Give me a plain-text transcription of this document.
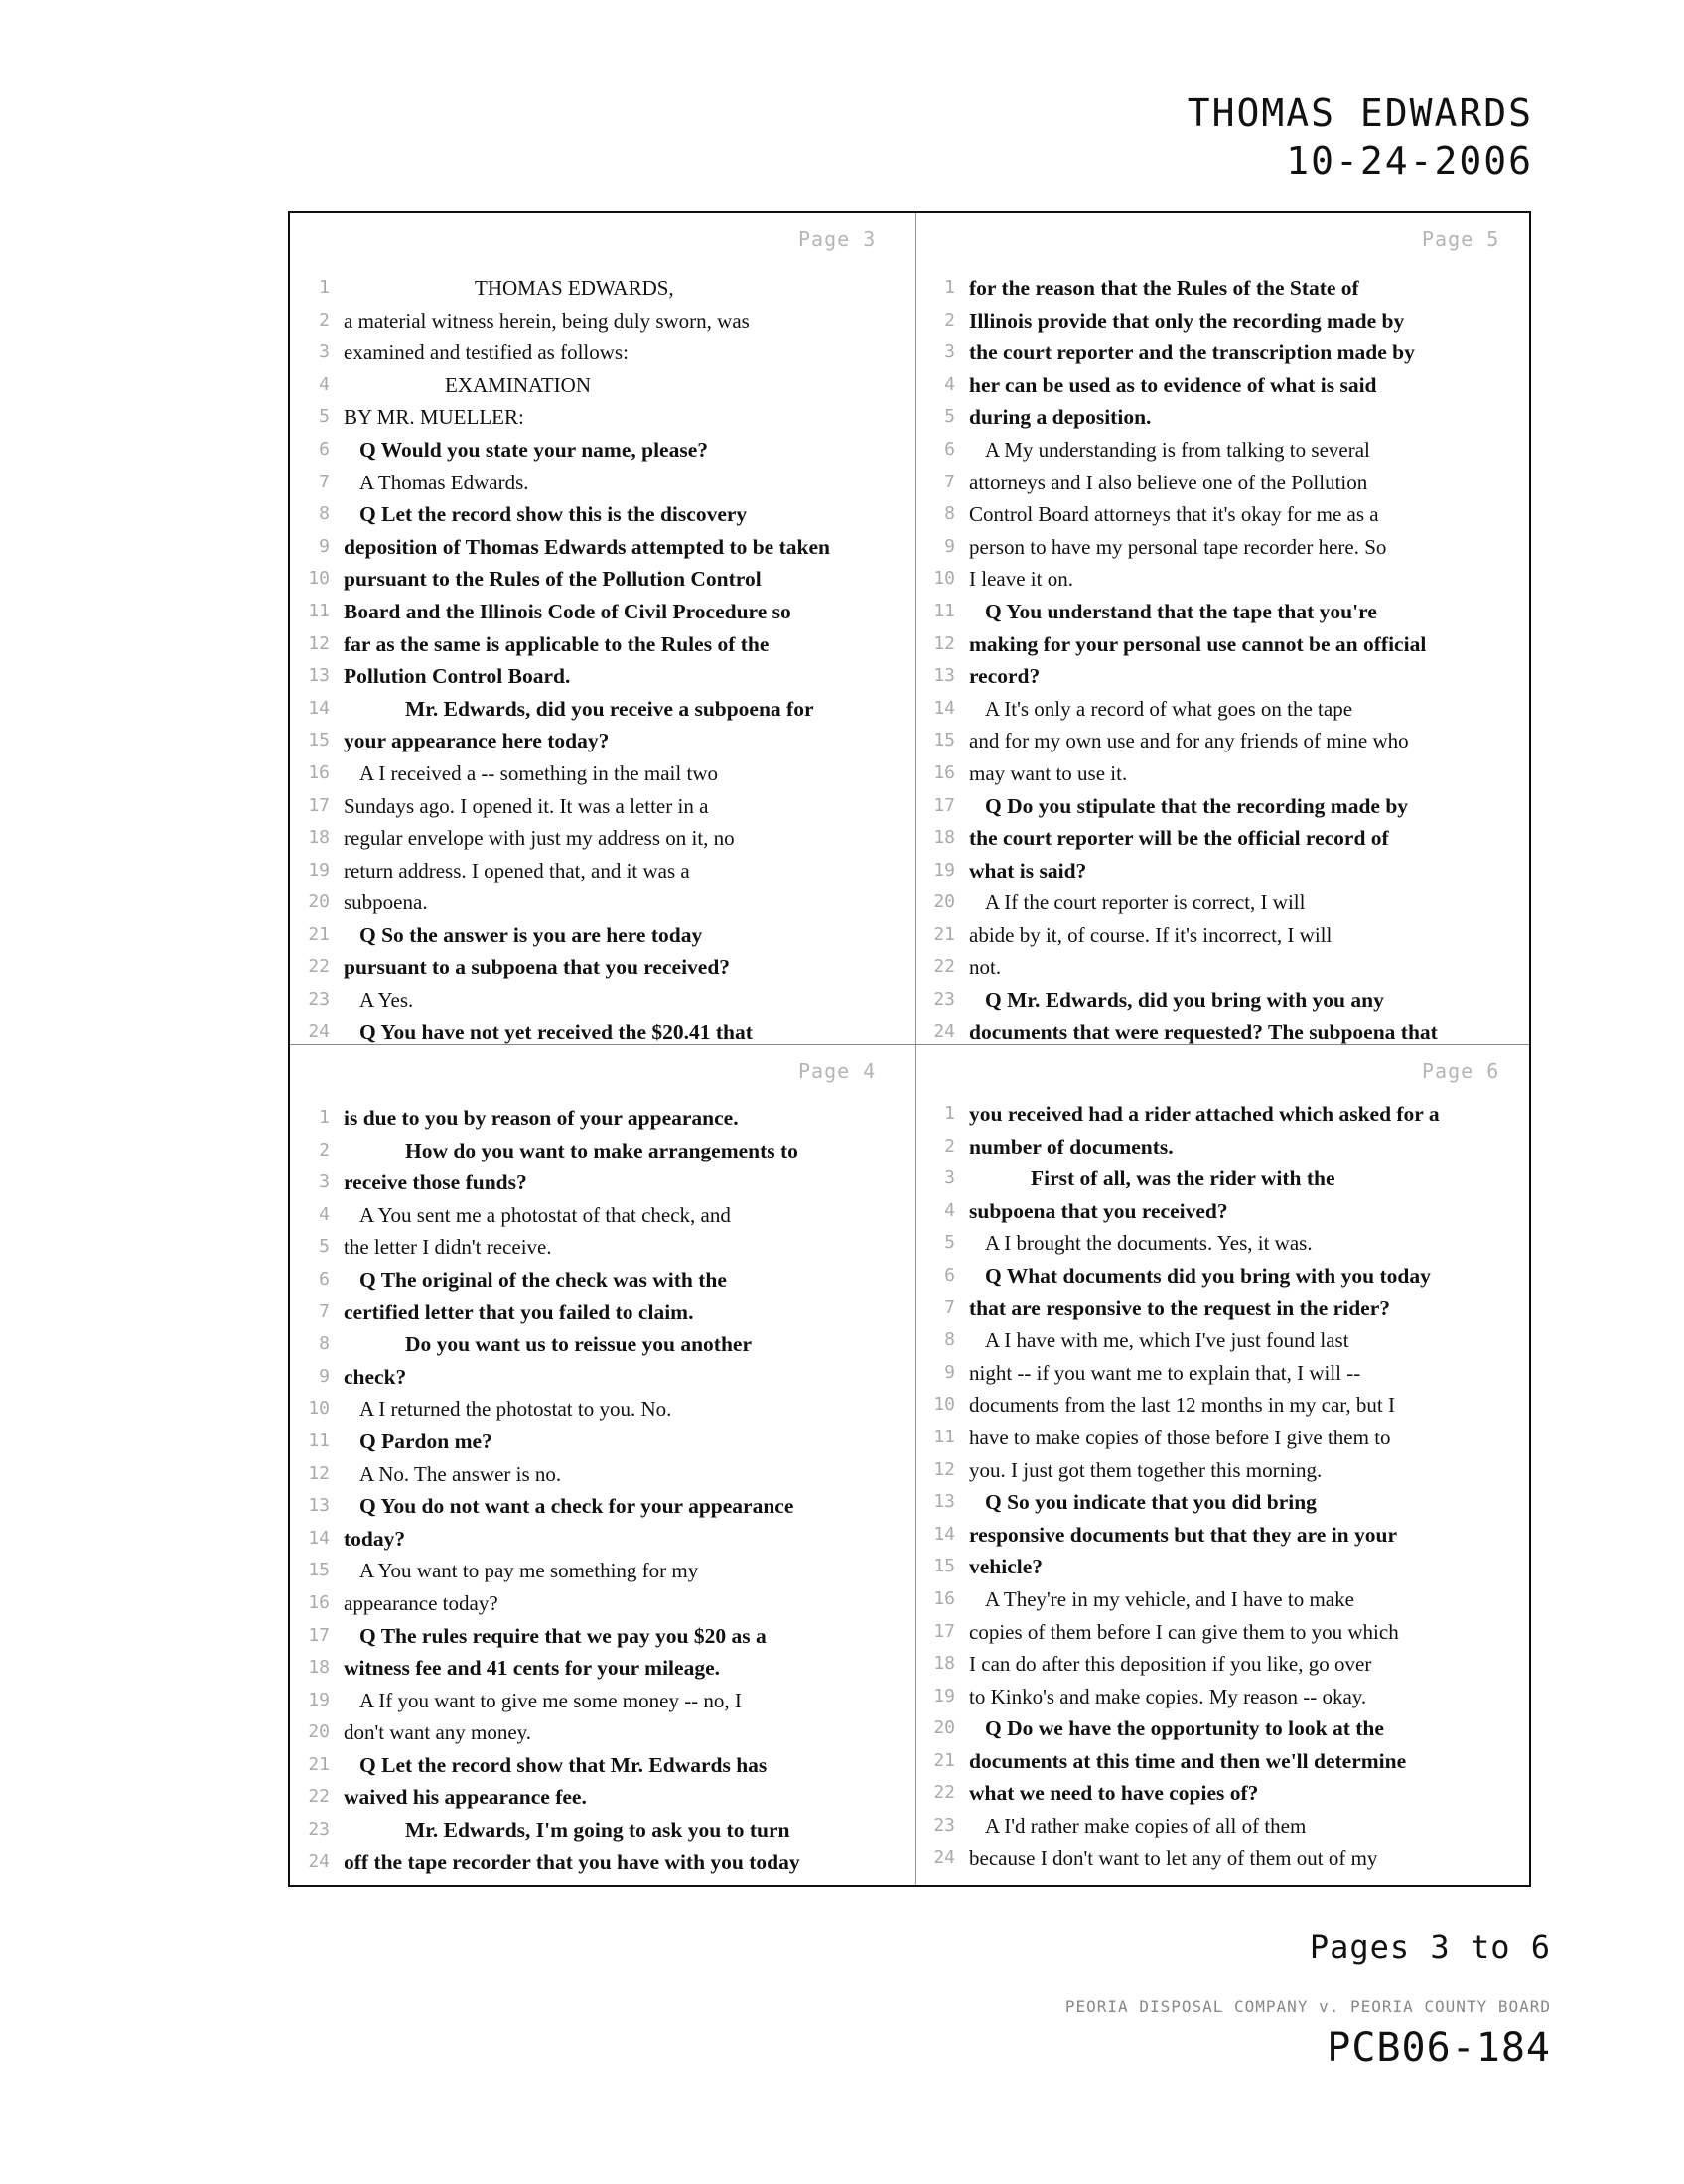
THOMAS EDWARDS
10-24-2006
Page 3	Page 5
Page 4	Page 6
1	THOMAS EDWARDS,
2 a material witness herein, being duly sworn, was
3 examined and testified as follows:
4	EXAMINATION
5 BY MR. MUELLER:
6 Q Would you state your name, please?
7 A Thomas Edwards.
8 Q Let the record show this is the discovery
9 deposition of Thomas Edwards attempted to be taken
10 pursuant to the Rules of the Pollution Control
11 Board and the Illinois Code of Civil Procedure so
12 far as the same is applicable to the Rules of the
13 Pollution Control Board.
14	Mr. Edwards, did you receive a subpoena for
15 your appearance here today?
16 A I received a -- something in the mail two
17 Sundays ago. I opened it. It was a letter in a
18 regular envelope with just my address on it, no
19 return address. I opened that, and it was a
20 subpoena.
21 Q So the answer is you are here today
22 pursuant to a subpoena that you received?
23 A Yes.
24 Q You have not yet received the $20.41 that
1 for the reason that the Rules of the State of
2 Illinois provide that only the recording made by
3 the court reporter and the transcription made by
4 her can be used as to evidence of what is said
5 during a deposition.
6 A My understanding is from talking to several
7 attorneys and I also believe one of the Pollution
8 Control Board attorneys that it's okay for me as a
9 person to have my personal tape recorder here. So
10 I leave it on.
11 Q You understand that the tape that you're
12 making for your personal use cannot be an official
13 record?
14 A It's only a record of what goes on the tape
15 and for my own use and for any friends of mine who
16 may want to use it.
17 Q Do you stipulate that the recording made by
18 the court reporter will be the official record of
19 what is said?
20 A If the court reporter is correct, I will
21 abide by it, of course. If it's incorrect, I will
22 not.
23 Q Mr. Edwards, did you bring with you any
24 documents that were requested? The subpoena that
1 is due to you by reason of your appearance.
2	How do you want to make arrangements to
3 receive those funds?
4 A You sent me a photostat of that check, and
5 the letter I didn't receive.
6 Q The original of the check was with the
7 certified letter that you failed to claim.
8	Do you want us to reissue you another
9 check?
10 A I returned the photostat to you. No.
11 Q Pardon me?
12 A No. The answer is no.
13 Q You do not want a check for your appearance
14 today?
15 A You want to pay me something for my
16 appearance today?
17 Q The rules require that we pay you $20 as a
18 witness fee and 41 cents for your mileage.
19 A If you want to give me some money -- no, I
20 don't want any money.
21 Q Let the record show that Mr. Edwards has
22 waived his appearance fee.
23	Mr. Edwards, I'm going to ask you to turn
24 off the tape recorder that you have with you today
1 you received had a rider attached which asked for a
2 number of documents.
3	First of all, was the rider with the
4 subpoena that you received?
5 A I brought the documents. Yes, it was.
6 Q What documents did you bring with you today
7 that are responsive to the request in the rider?
8 A I have with me, which I've just found last
9 night -- if you want me to explain that, I will --
10 documents from the last 12 months in my car, but I
11 have to make copies of those before I give them to
12 you. I just got them together this morning.
13 Q So you indicate that you did bring
14 responsive documents but that they are in your
15 vehicle?
16 A They're in my vehicle, and I have to make
17 copies of them before I can give them to you which
18 I can do after this deposition if you like, go over
19 to Kinko's and make copies. My reason -- okay.
20 Q Do we have the opportunity to look at the
21 documents at this time and then we'll determine
22 what we need to have copies of?
23 A I'd rather make copies of all of them
24 because I don't want to let any of them out of my
Pages 3 to 6
PEORIA DISPOSAL COMPANY v. PEORIA COUNTY BOARD
PCB06-184
